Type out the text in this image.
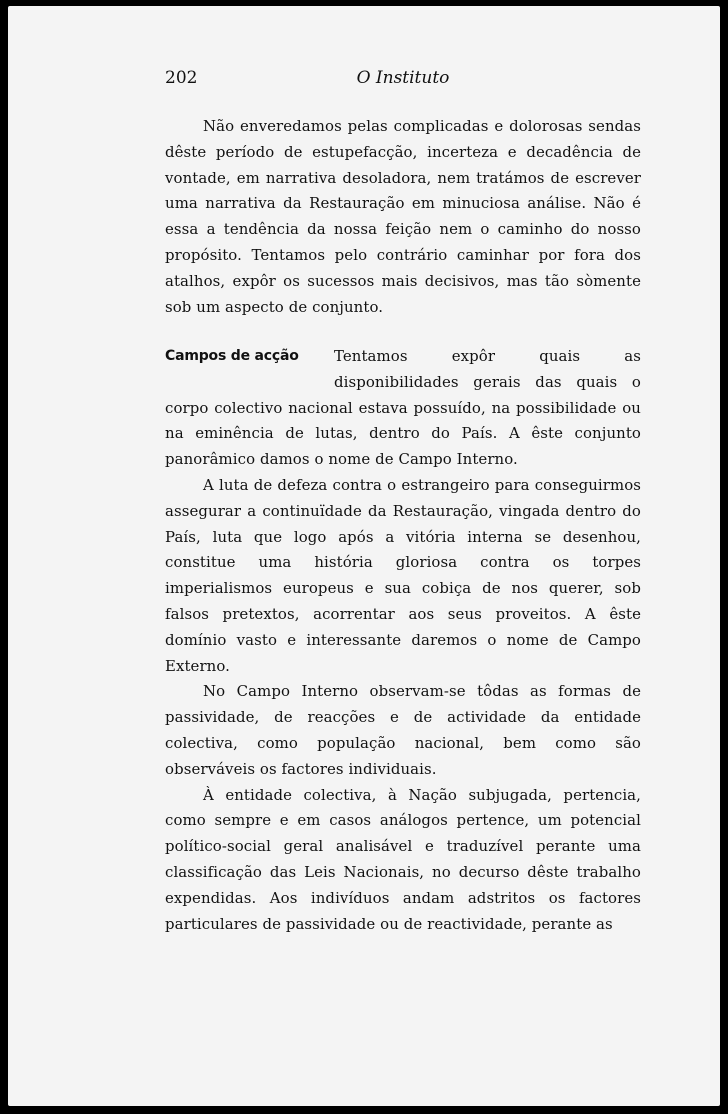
202	O Instituto

Não enveredamos pelas complicadas e dolorosas sendas dêste período de estupefacção, incerteza e decadência de vontade, em narrativa desoladora, nem tratámos de escrever uma narrativa da Restauração em minuciosa análise. Não é essa a tendência da nossa feição nem o caminho do nosso propósito. Tentamos pelo contrário caminhar por fora dos atalhos, expôr os sucessos mais decisivos, mas tão sòmente sob um aspecto de conjunto.

Campos de acção	Tentamos expôr quais as disponibilidades gerais das quais o corpo colectivo nacional estava possuído, na possibilidade ou na eminência de lutas, dentro do País. A êste conjunto panorâmico damos o nome de Campo Interno.

A luta de defeza contra o estrangeiro para conseguirmos assegurar a continuïdade da Restauração, vingada dentro do País, luta que logo após a vitória interna se desenhou, constitue uma história gloriosa contra os torpes imperialismos europeus e sua cobiça de nos querer, sob falsos pretextos, acorrentar aos seus proveitos. A êste domínio vasto e interessante daremos o nome de Campo Externo.

No Campo Interno observam-se tôdas as formas de passividade, de reacções e de actividade da entidade colectiva, como população nacional, bem como são observáveis os factores individuais.

À entidade colectiva, à Nação subjugada, pertencia, como sempre e em casos análogos pertence, um potencial político-social geral analisável e traduzível perante uma classificação das Leis Nacionais, no decurso dêste trabalho expendidas. Aos indivíduos andam adstritos os factores particulares de passividade ou de reactividade, perante as
